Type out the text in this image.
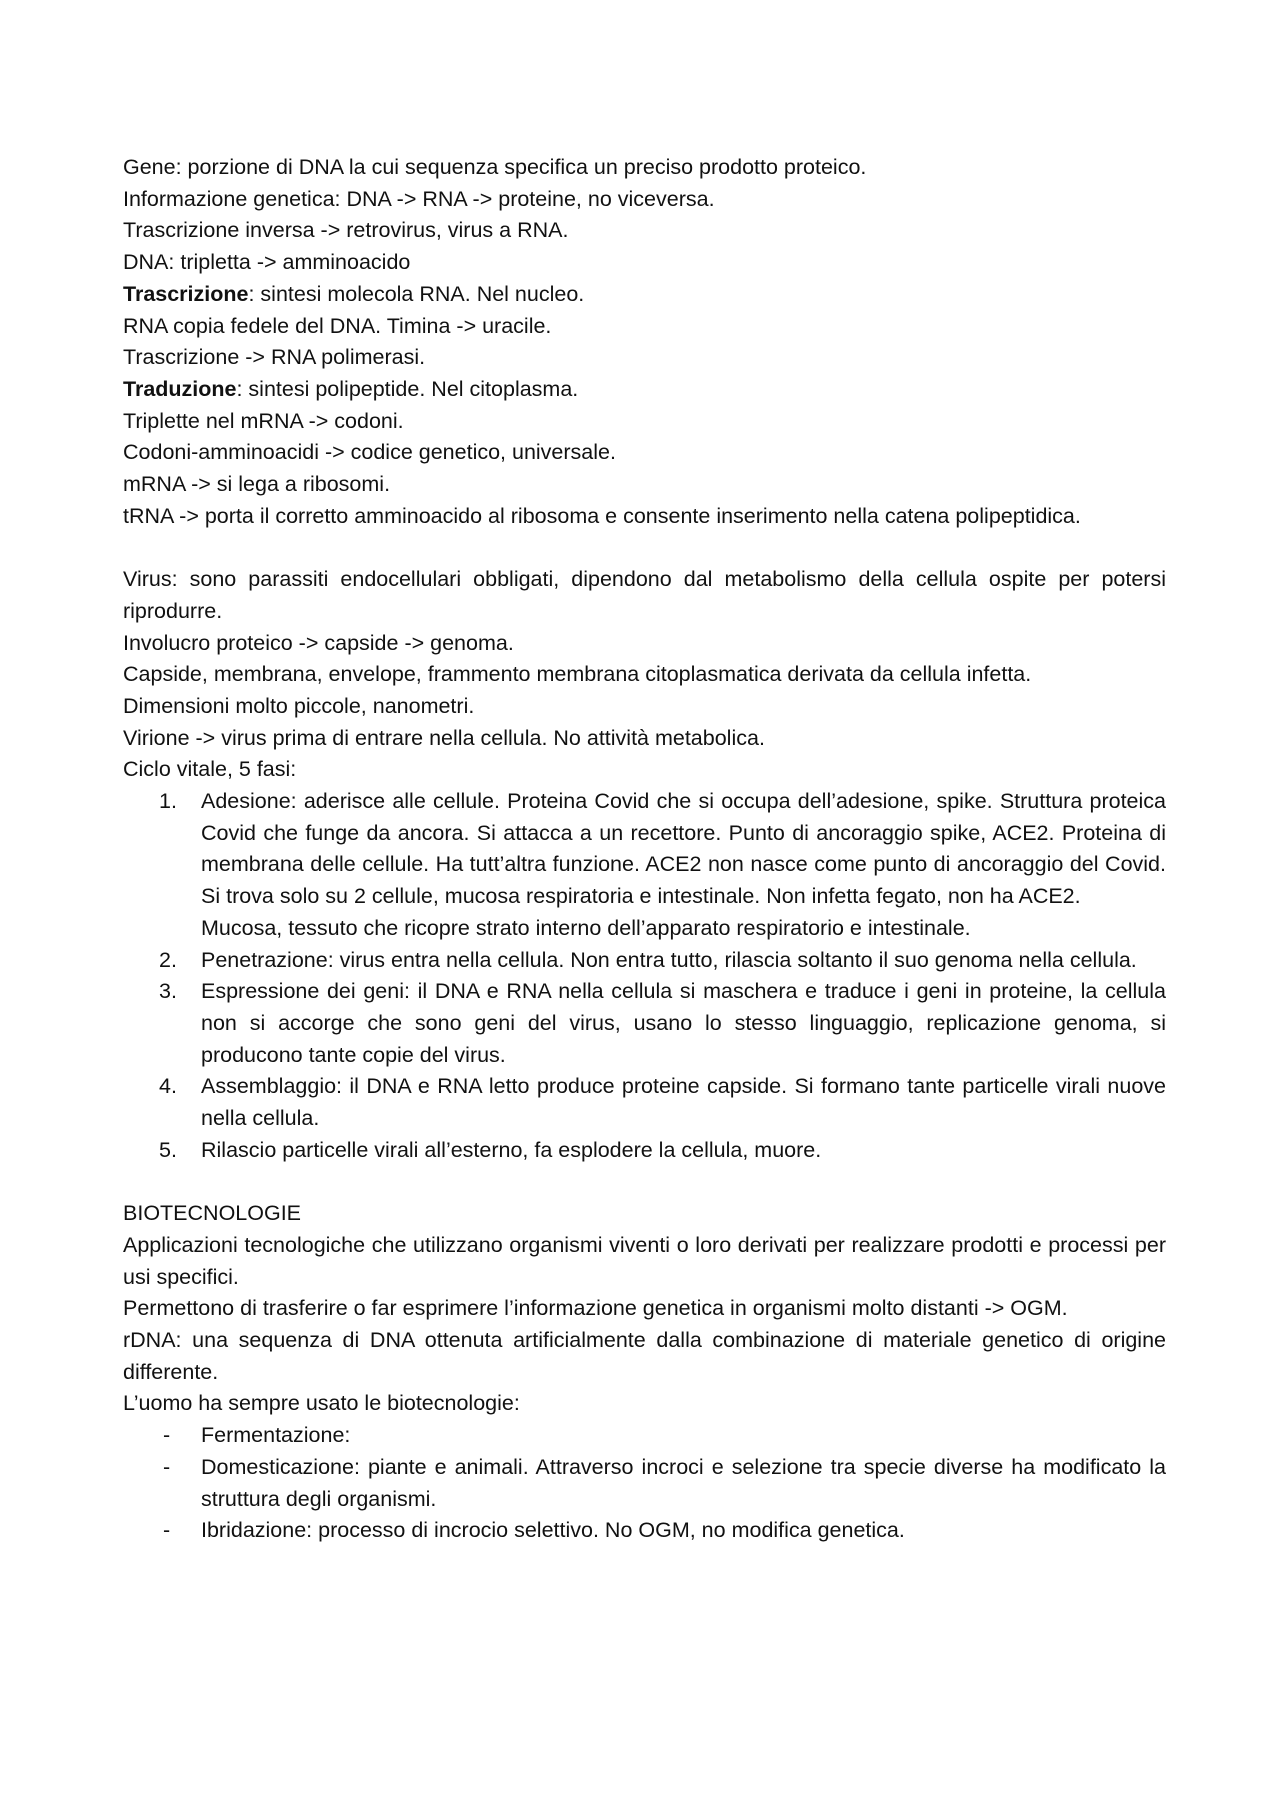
Gene: porzione di DNA la cui sequenza specifica un preciso prodotto proteico.

Informazione genetica: DNA -> RNA -> proteine, no viceversa.

Trascrizione inversa -> retrovirus, virus a RNA.

DNA: tripletta -> amminoacido

Trascrizione: sintesi molecola RNA. Nel nucleo.

RNA copia fedele del DNA. Timina -> uracile.

Trascrizione -> RNA polimerasi.

Traduzione: sintesi polipeptide. Nel citoplasma.

Triplette nel mRNA -> codoni.

Codoni-amminoacidi -> codice genetico, universale.

mRNA -> si lega a ribosomi.

tRNA -> porta il corretto amminoacido al ribosoma e consente inserimento nella catena polipeptidica.

Virus: sono parassiti endocellulari obbligati, dipendono dal metabolismo della cellula ospite per potersi riprodurre.

Involucro proteico -> capside -> genoma.

Capside, membrana, envelope, frammento membrana citoplasmatica derivata da cellula infetta.

Dimensioni molto piccole, nanometri.

Virione -> virus prima di entrare nella cellula. No attività metabolica.

Ciclo vitale, 5 fasi:

1. Adesione: aderisce alle cellule. Proteina Covid che si occupa dell’adesione, spike. Struttura proteica Covid che funge da ancora. Si attacca a un recettore. Punto di ancoraggio spike, ACE2. Proteina di membrana delle cellule. Ha tutt’altra funzione. ACE2 non nasce come punto di ancoraggio del Covid. Si trova solo su 2 cellule, mucosa respiratoria e intestinale. Non infetta fegato, non ha ACE2.
Mucosa, tessuto che ricopre strato interno dell’apparato respiratorio e intestinale.
2. Penetrazione: virus entra nella cellula. Non entra tutto, rilascia soltanto il suo genoma nella cellula.
3. Espressione dei geni: il DNA e RNA nella cellula si maschera e traduce i geni in proteine, la cellula non si accorge che sono geni del virus, usano lo stesso linguaggio, replicazione genoma, si producono tante copie del virus.
4. Assemblaggio: il DNA e RNA letto produce proteine capside. Si formano tante particelle virali nuove nella cellula.
5. Rilascio particelle virali all’esterno, fa esplodere la cellula, muore.

BIOTECNOLOGIE

Applicazioni tecnologiche che utilizzano organismi viventi o loro derivati per realizzare prodotti e processi per usi specifici.

Permettono di trasferire o far esprimere l’informazione genetica in organismi molto distanti -> OGM.

rDNA: una sequenza di DNA ottenuta artificialmente dalla combinazione di materiale genetico di origine differente.

L’uomo ha sempre usato le biotecnologie:

- Fermentazione:
- Domesticazione: piante e animali. Attraverso incroci e selezione tra specie diverse ha modificato la struttura degli organismi.
- Ibridazione: processo di incrocio selettivo. No OGM, no modifica genetica.
